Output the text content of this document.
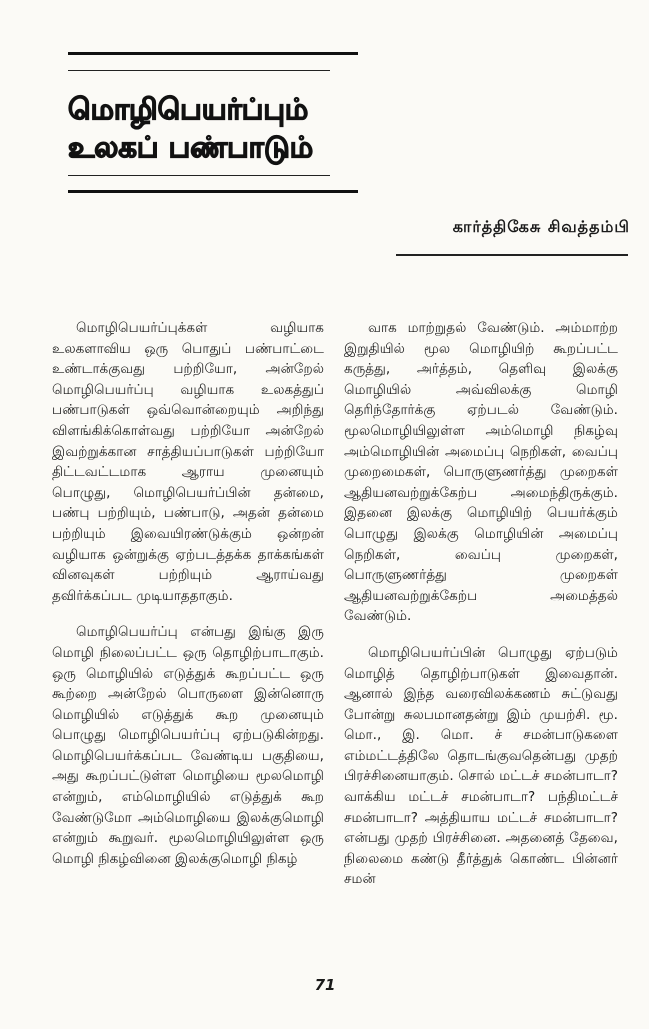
மொழிபெயர்ப்பும்
உலகப் பண்பாடும்
கார்த்திகேசு சிவத்தம்பி

மொழிபெயர்ப்புக்கள் வழியாக உலகளாவிய ஒரு பொதுப் பண்பாட்டை உண்டாக்குவது பற்றியோ, அன்றேல் மொழிபெயர்ப்பு வழியாக உலகத்துப் பண்பாடுகள் ஒவ்வொன்றையும் அறிந்து விளங்கிக்கொள்வது பற்றியோ அன்றேல் இவற்றுக்கான சாத்தியப்பாடுகள் பற்றியோ திட்டவட்டமாக ஆராய முனையும் பொழுது, மொழிபெயர்ப்பின் தன்மை, பண்பு பற்றியும், பண்பாடு, அதன் தன்மை பற்றியும் இவையிரண்டுக்கும் ஒன்றன் வழியாக ஒன்றுக்கு ஏற்படத்தக்க தாக்கங்கள் வினவுகள் பற்றியும் ஆராய்வது தவிர்க்கப்பட முடியாததாகும்.

மொழிபெயர்ப்பு என்பது இங்கு இரு மொழி நிலைப்பட்ட ஒரு தொழிற்பாடாகும். ஒரு மொழியில் எடுத்துக் கூறப்பட்ட ஒரு கூற்றை அன்றேல் பொருளை இன்னொரு மொழியில் எடுத்துக் கூற முனையும் பொழுது மொழிபெயர்ப்பு ஏற்படுகின்றது. மொழிபெயர்க்கப்பட வேண்டிய பகுதியை, அது கூறப்பட்டுள்ள மொழியை மூலமொழி என்றும், எம்மொழியில் எடுத்துக் கூற வேண்டுமோ அம்மொழியை இலக்குமொழி என்றும் கூறுவர். மூலமொழியிலுள்ள ஒரு மொழி நிகழ்வினை இலக்குமொழி நிகழ்

வாக மாற்றுதல் வேண்டும். அம்மாற்ற இறுதியில் மூல மொழியிற் கூறப்பட்ட கருத்து, அர்த்தம், தெளிவு இலக்கு மொழியில் அவ்விலக்கு மொழி தெரிந்தோர்க்கு ஏற்படல் வேண்டும். மூலமொழியிலுள்ள அம்மொழி நிகழ்வு அம்மொழியின் அமைப்பு நெறிகள், வைப்பு முறைமைகள், பொருளுணர்த்து முறைகள் ஆதியனவற்றுக்கேற்ப அமைந்திருக்கும். இதனை இலக்கு மொழியிற் பெயர்க்கும் பொழுது இலக்கு மொழியின் அமைப்பு நெறிகள், வைப்பு முறைகள், பொருளுணர்த்து முறைகள் ஆதியனவற்றுக்கேற்ப அமைத்தல் வேண்டும்.

மொழிபெயர்ப்பின் பொழுது ஏற்படும் மொழித் தொழிற்பாடுகள் இவைதான். ஆனால் இந்த வரைவிலக்கணம் சுட்டுவது போன்று சுலபமானதன்று இம் முயற்சி. மூ. மொ., இ. மொ. ச் சமன்பாடுகளை எம்மட்டத்திலே தொடங்குவதென்பது முதற் பிரச்சினையாகும். சொல் மட்டச் சமன்பாடா? வாக்கிய மட்டச் சமன்பாடா? பந்திமட்டச் சமன்பாடா? அத்தியாய மட்டச் சமன்பாடா? என்பது முதற் பிரச்சினை. அதனைத் தேவை, நிலைமை கண்டு தீர்த்துக் கொண்ட பின்னர் சமன்

71
